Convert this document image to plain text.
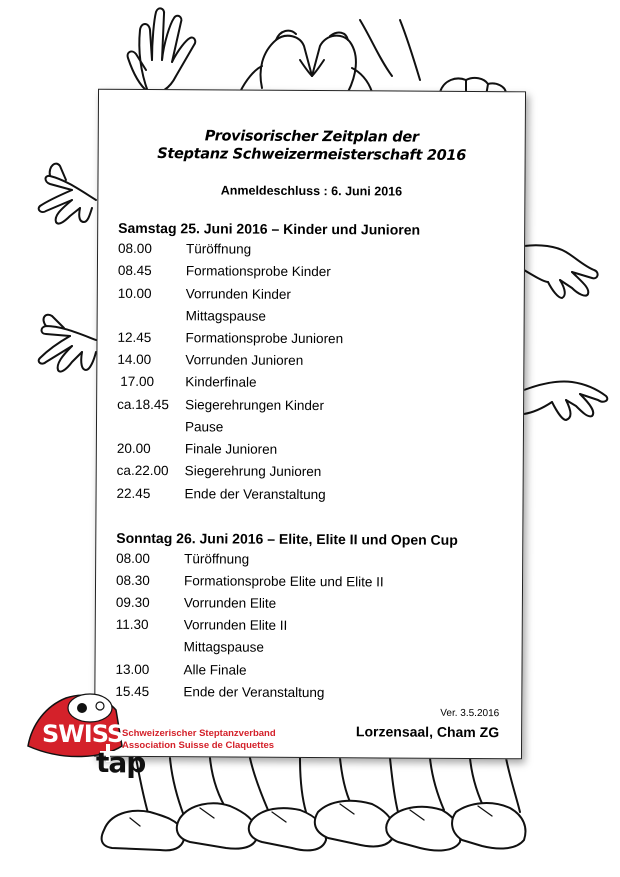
Provisorischer Zeitplan der
Steptanz Schweizermeisterschaft 2016
Anmeldeschluss : 6. Juni 2016
Samstag 25. Juni 2016 – Kinder und Junioren
08.00	Türöffnung
08.45	Formationsprobe Kinder
10.00	Vorrunden Kinder
Mittagspause
12.45	Formationsprobe Junioren
14.00	Vorrunden Junioren
17.00	Kinderfinale
ca.18.45	Siegerehrungen Kinder
Pause
20.00	Finale Junioren
ca.22.00	Siegerehrung Junioren
22.45	Ende der Veranstaltung
Sonntag 26. Juni 2016 – Elite, Elite II und Open Cup
08.00	Türöffnung
08.30	Formationsprobe Elite und Elite II
09.30	Vorrunden Elite
11.30	Vorrunden Elite II
Mittagspause
13.00	Alle Finale
15.45	Ende der Veranstaltung
Ver. 3.5.2016
Lorzensaal, Cham ZG
SWISS
tap
Schweizerischer Steptanzverband
Association Suisse de Claquettes
